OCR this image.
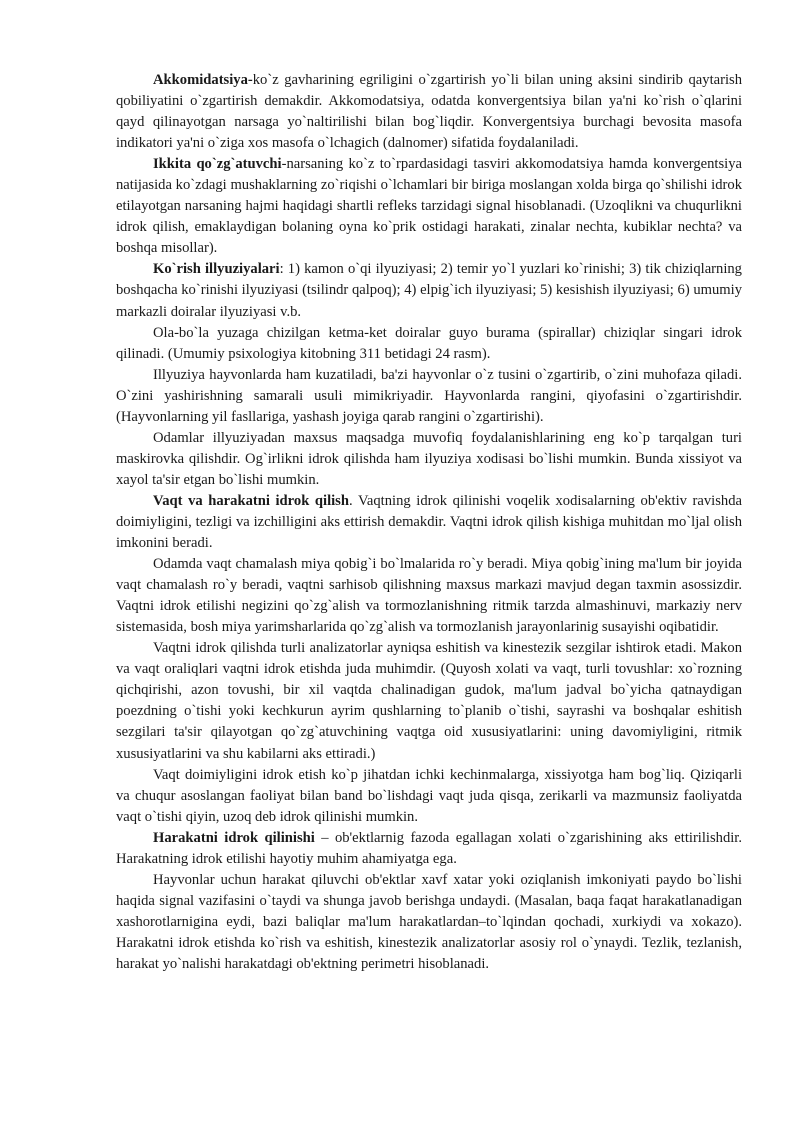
Akkomidatsiya-ko`z gavharining egriligini o`zgartirish yo`li bilan uning aksini sindirib qaytarish qobiliyatini o`zgartirish demakdir. Akkomodatsiya, odatda konvergentsiya bilan ya'ni ko`rish o`qlarini qayd qilinayotgan narsaga yo`naltirilishi bilan bog`liqdir. Konvergentsiya burchagi bevosita masofa indikatori ya'ni o`ziga xos masofa o`lchagich (dalnomer) sifatida foydalaniladi.

Ikkita qo`zg`atuvchi-narsaning ko`z to`rpardasidagi tasviri akkomodatsiya hamda konvergentsiya natijasida ko`zdagi mushaklarning zo`riqishi o`lchamlari bir biriga moslangan xolda birga qo`shilishi idrok etilayotgan narsaning hajmi haqidagi shartli refleks tarzidagi signal hisoblanadi. (Uzoqlikni va chuqurlikni idrok qilish, emaklaydigan bolaning oyna ko`prik ostidagi harakati, zinalar nechta, kubiklar nechta? va boshqa misollar).

Ko`rish illyuziyalari: 1) kamon o`qi ilyuziyasi; 2) temir yo`l yuzlari ko`rinishi; 3) tik chiziqlarning boshqacha ko`rinishi ilyuziyasi (tsilindr qalpoq); 4) elpig`ich ilyuziyasi; 5) kesishish ilyuziyasi; 6) umumiy markazli doiralar ilyuziyasi v.b.

Ola-bo`la yuzaga chizilgan ketma-ket doiralar guyo burama (spirallar) chiziqlar singari idrok qilinadi. (Umumiy psixologiya kitobning 311 betidagi 24 rasm).

Illyuziya hayvonlarda ham kuzatiladi, ba'zi hayvonlar o`z tusini o`zgartirib, o`zini muhofaza qiladi. O`zini yashirishning samarali usuli mimikriyadir. Hayvonlarda rangini, qiyofasini o`zgartirishdir. (Hayvonlarning yil fasllariga, yashash joyiga qarab rangini o`zgartirishi).

Odamlar illyuziyadan maxsus maqsadga muvofiq foydalanishlarining eng ko`p tarqalgan turi maskirovka qilishdir. Og`irlikni idrok qilishda ham ilyuziya xodisasi bo`lishi mumkin. Bunda xissiyot va xayol ta'sir etgan bo`lishi mumkin.

Vaqt va harakatni idrok qilish. Vaqtning idrok qilinishi voqelik xodisalarning ob'ektiv ravishda doimiyligini, tezligi va izchilligini aks ettirish demakdir. Vaqtni idrok qilish kishiga muhitdan mo`ljal olish imkonini beradi.

Odamda vaqt chamalash miya qobig`i bo`lmalarida ro`y beradi. Miya qobig`ining ma'lum bir joyida vaqt chamalash ro`y beradi, vaqtni sarhisob qilishning maxsus markazi mavjud degan taxmin asossizdir. Vaqtni idrok etilishi negizini qo`zg`alish va tormozlanishning ritmik tarzda almashinuvi, markaziy nerv sistemasida, bosh miya yarimsharlarida qo`zg`alish va tormozlanish jarayonlarinig susayishi oqibatidir.

Vaqtni idrok qilishda turli analizatorlar ayniqsa eshitish va kinestezik sezgilar ishtirok etadi. Makon va vaqt oraliqlari vaqtni idrok etishda juda muhimdir. (Quyosh xolati va vaqt, turli tovushlar: xo`rozning qichqirishi, azon tovushi, bir xil vaqtda chalinadigan gudok, ma'lum jadval bo`yicha qatnaydigan poezdning o`tishi yoki kechkurun ayrim qushlarning to`planib o`tishi, sayrashi va boshqalar eshitish sezgilari ta'sir qilayotgan qo`zg`atuvchining vaqtga oid xususiyatlarini: uning davomiyligini, ritmik xususiyatlarini va shu kabilarni aks ettiradi.)

Vaqt doimiyligini idrok etish ko`p jihatdan ichki kechinmalarga, xissiyotga ham bog`liq. Qiziqarli va chuqur asoslangan faoliyat bilan band bo`lishdagi vaqt juda qisqa, zerikarli va mazmunsiz faoliyatda vaqt o`tishi qiyin, uzoq deb idrok qilinishi mumkin.

Harakatni idrok qilinishi – ob'ektlarnig fazoda egallagan xolati o`zgarishining aks ettirilishdir. Harakatning idrok etilishi hayotiy muhim ahamiyatga ega.

Hayvonlar uchun harakat qiluvchi ob'ektlar xavf xatar yoki oziqlanish imkoniyati paydo bo`lishi haqida signal vazifasini o`taydi va shunga javob berishga undaydi. (Masalan, baqa faqat harakatlanadigan xashorotlarnigina eydi, bazi baliqlar ma'lum harakatlardan–to`lqindan qochadi, xurkiydi va xokazo). Harakatni idrok etishda ko`rish va eshitish, kinestezik analizatorlar asosiy rol o`ynaydi. Tezlik, tezlanish, harakat yo`nalishi harakatdagi ob'ektning perimetri hisoblanadi.
